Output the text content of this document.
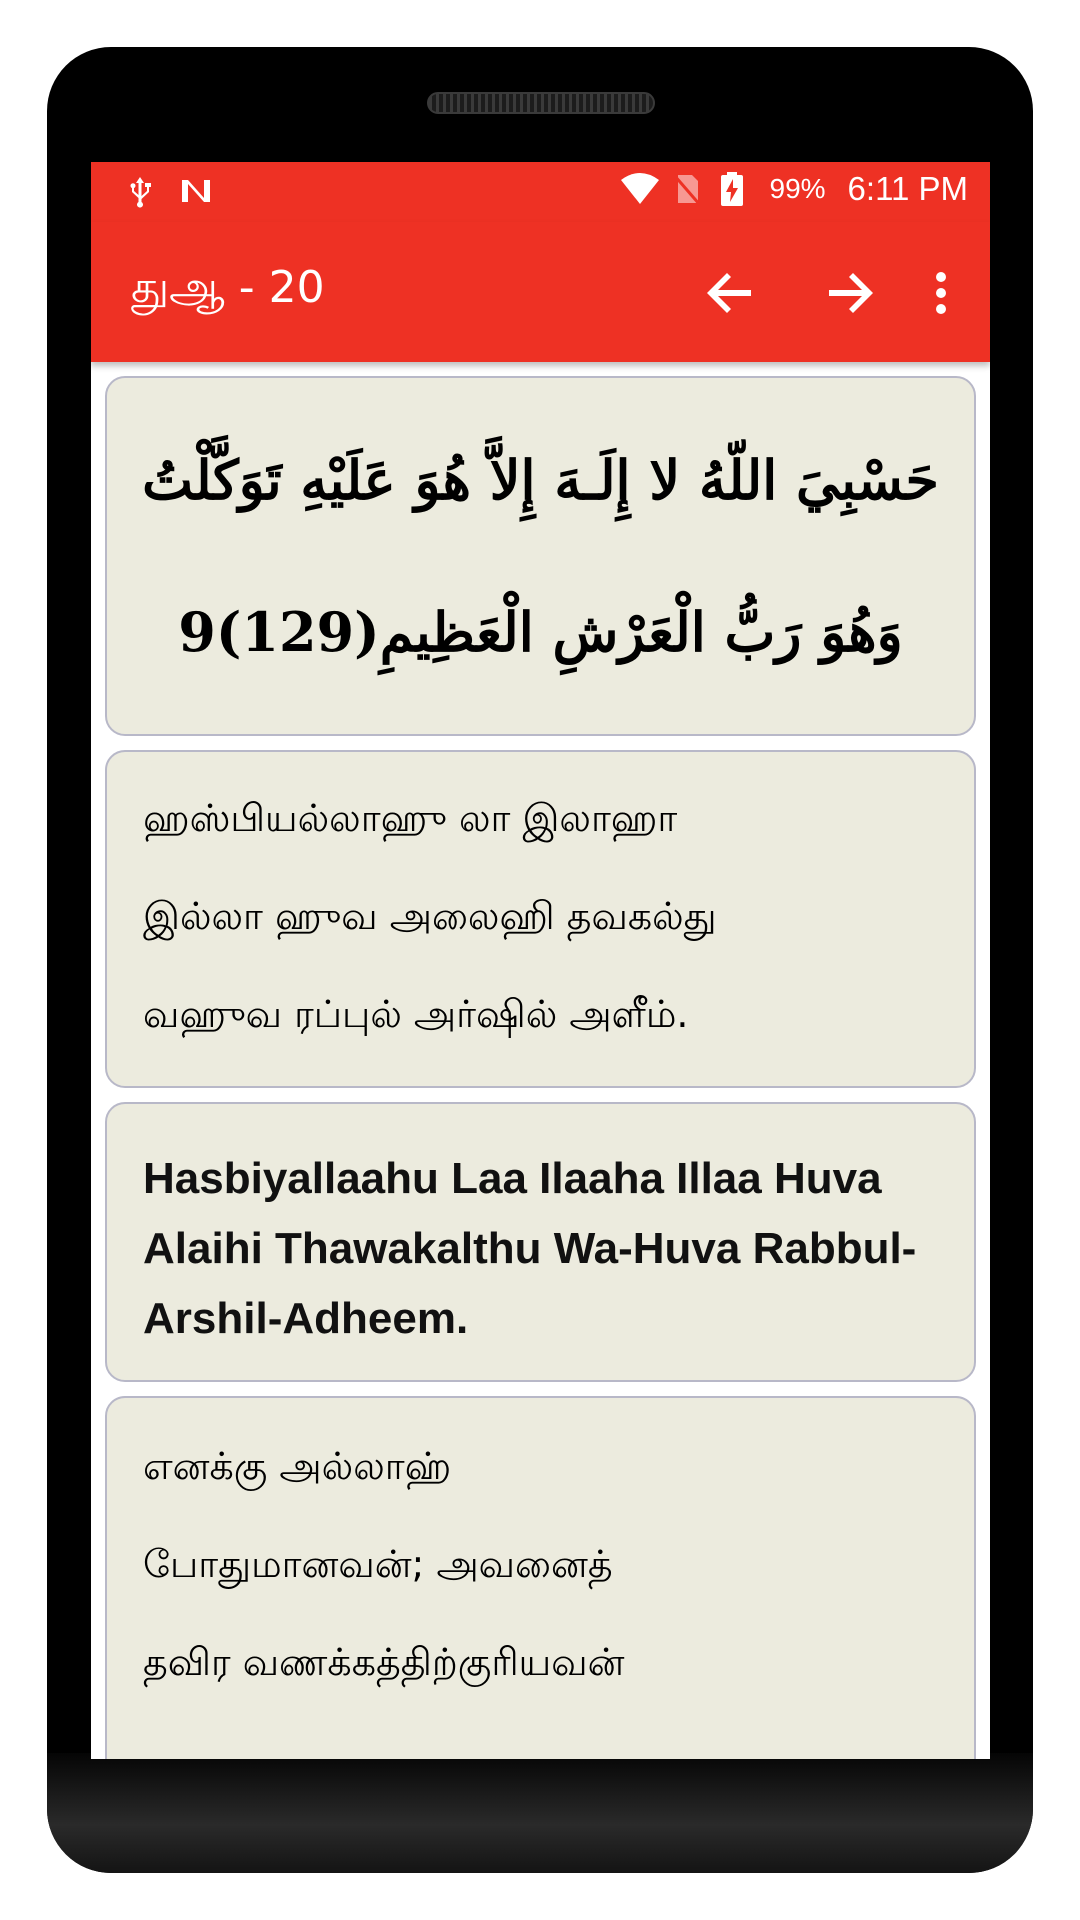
99% 6:11 PM
துஆ - 20
حَسْبِيَ اللّهُ لا إِلَـهَ إِلاَّ هُوَ عَلَيْهِ تَوَكَّلْتُ
وَهُوَ رَبُّ الْعَرْشِ الْعَظِيمِ(129)9
ஹஸ்பியல்லாஹு லா இலாஹா
இல்லா ஹுவ அலைஹி தவகல்து
வஹுவ ரப்புல் அர்ஷில் அளீம்.
Hasbiyallaahu Laa Ilaaha Illaa Huva Alaihi Thawakalthu Wa-Huva Rabbul-Arshil-Adheem.
எனக்கு அல்லாஹ்
போதுமானவன்; அவனைத்
தவிர வணக்கத்திற்குரியவன்
